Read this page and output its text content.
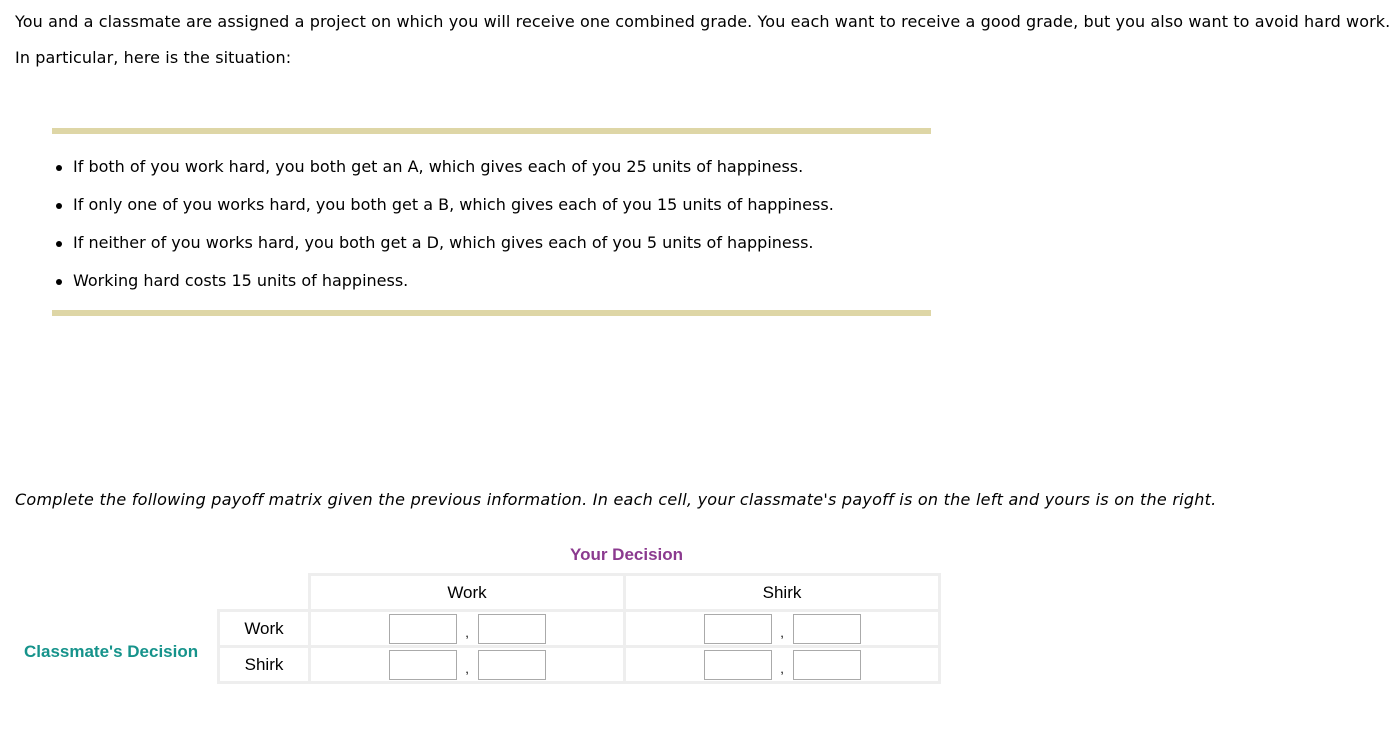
You and a classmate are assigned a project on which you will receive one combined grade. You each want to receive a good grade, but you also want to avoid hard work. In particular, here is the situation:
If both of you work hard, you both get an A, which gives each of you 25 units of happiness.
If only one of you works hard, you both get a B, which gives each of you 15 units of happiness.
If neither of you works hard, you both get a D, which gives each of you 5 units of happiness.
Working hard costs 15 units of happiness.
Complete the following payoff matrix given the previous information. In each cell, your classmate's payoff is on the left and yours is on the right.
Your Decision
Classmate's Decision
	Work	Shirk
Work	,	,
Shirk	,	,
